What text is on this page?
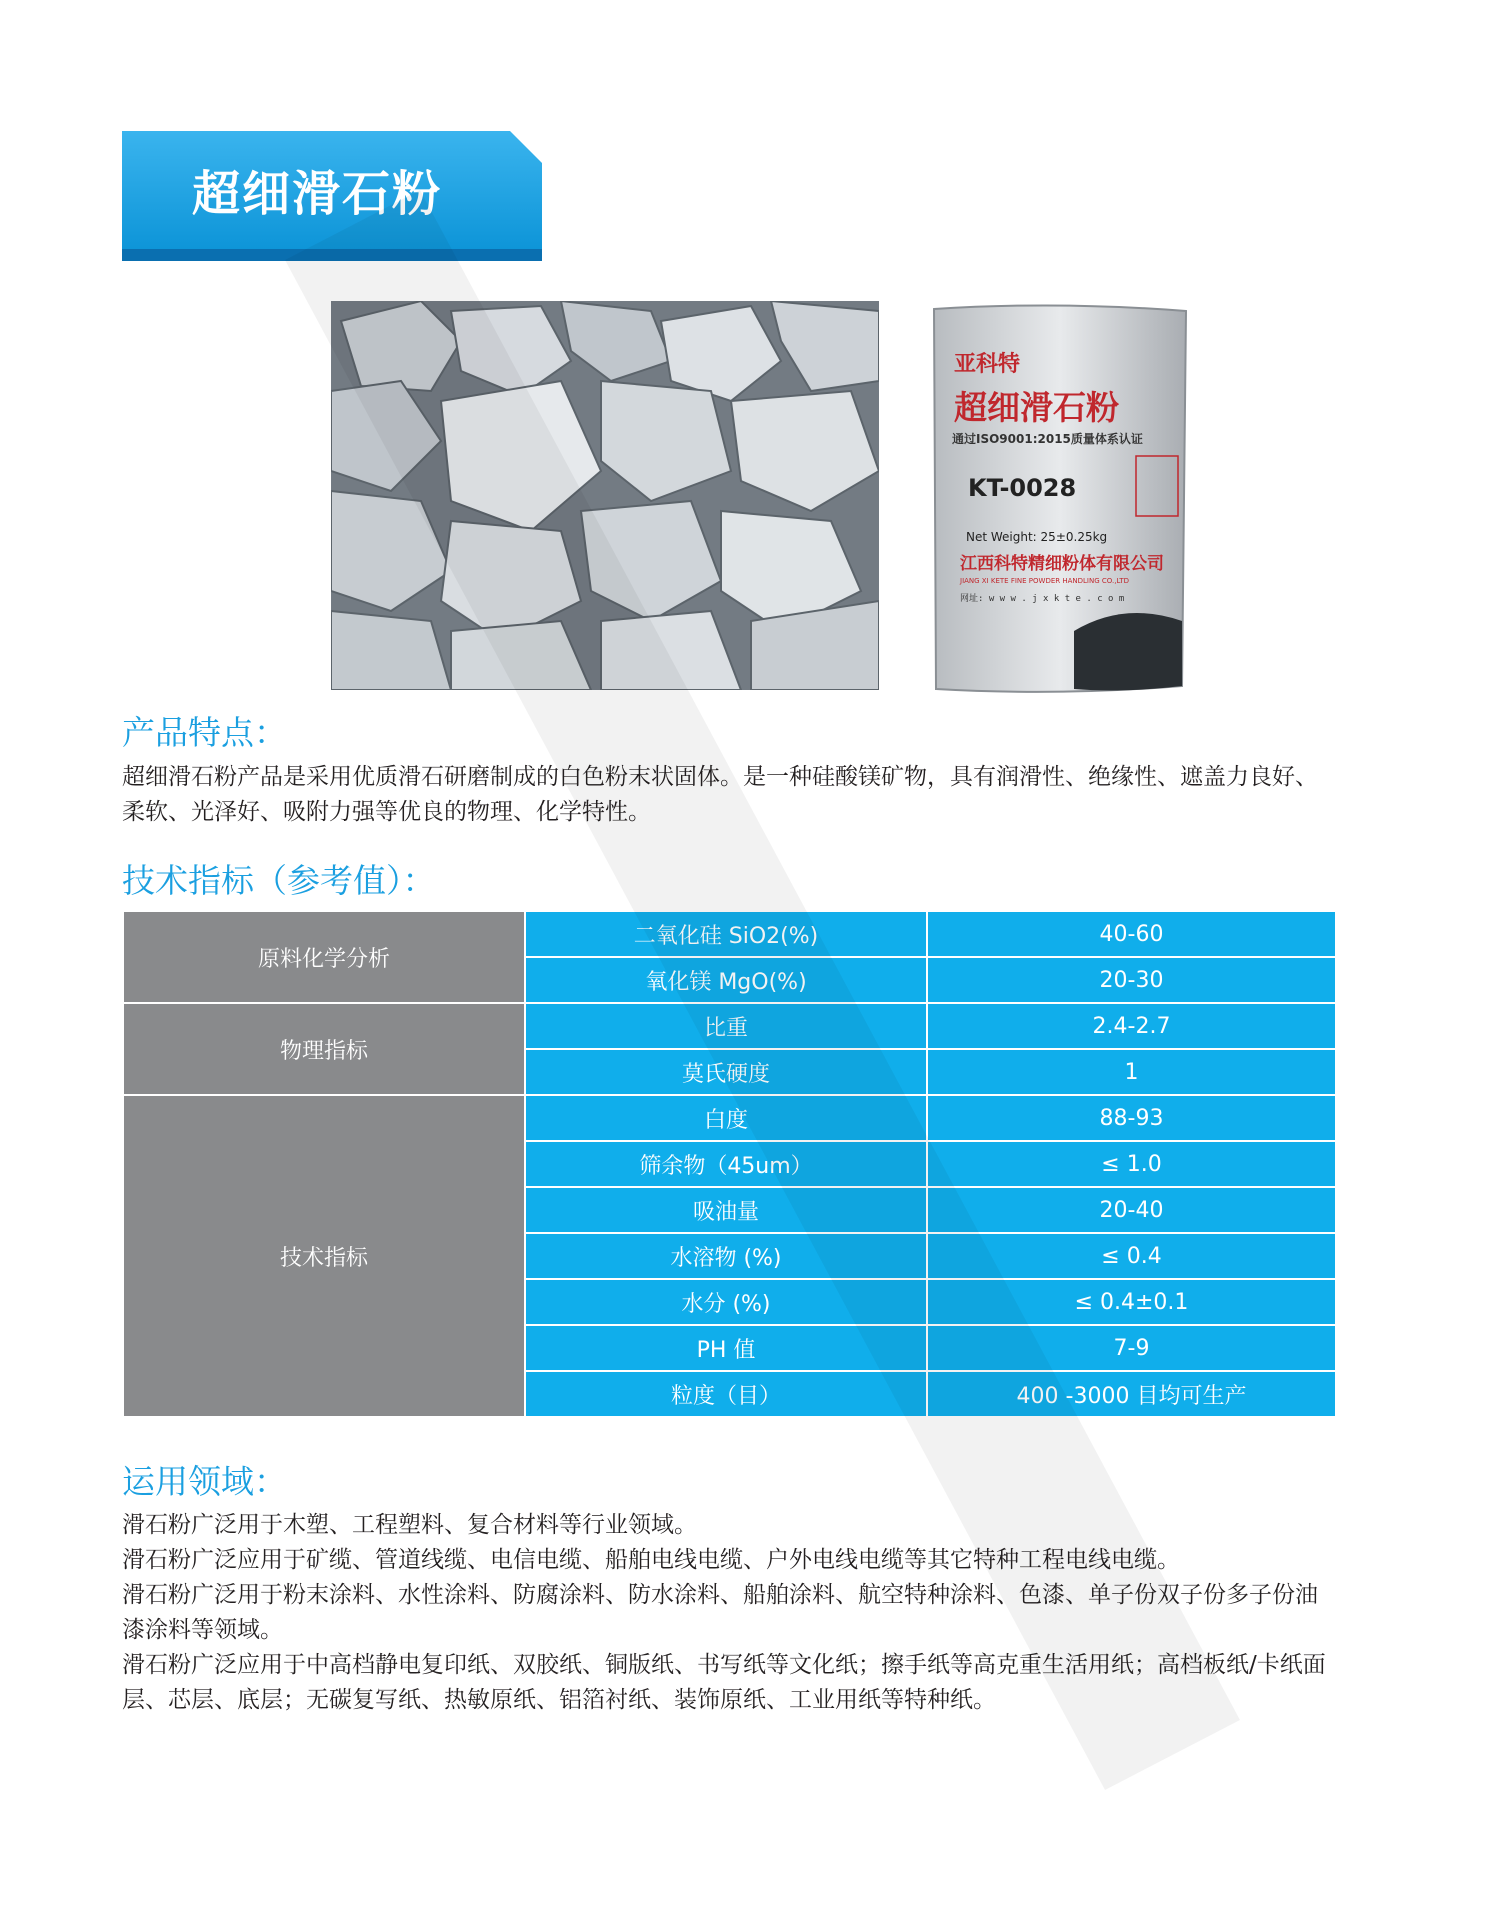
超细滑石粉
亚科特
超细滑石粉
通过ISO9001:2015质量体系认证
KT-0028
Net Weight: 25±0.25kg
江西科特精细粉体有限公司
JIANG XI KETE FINE POWDER HANDLING CO.,LTD
网址: w w w . j x k t e . c o m
产品特点：

超细滑石粉产品是采用优质滑石研磨制成的白色粉末状固体。是一种硅酸镁矿物，具有润滑性、绝缘性、遮盖力良好、柔软、光泽好、吸附力强等优良的物理、化学特性。

技术指标（参考值）：
原料化学分析	二氧化硅 SiO2(%)	40-60
	氧化镁 MgO(%)	20-30
物理指标	比重	2.4-2.7
	莫氏硬度	1
技术指标	白度	88-93
	筛余物（45um）	≤ 1.0
	吸油量	20-40
	水溶物 (%)	≤ 0.4
	水分 (%)	≤ 0.4±0.1
	PH 值	7-9
	粒度（目）	400 -3000 目均可生产
运用领域：

滑石粉广泛用于木塑、工程塑料、复合材料等行业领域。

滑石粉广泛应用于矿缆、管道线缆、电信电缆、船舶电线电缆、户外电线电缆等其它特种工程电线电缆。

滑石粉广泛用于粉末涂料、水性涂料、防腐涂料、防水涂料、船舶涂料、航空特种涂料、色漆、单子份双子份多子份油漆涂料等领域。

滑石粉广泛应用于中高档静电复印纸、双胶纸、铜版纸、书写纸等文化纸；擦手纸等高克重生活用纸；高档板纸/卡纸面层、芯层、底层；无碳复写纸、热敏原纸、铝箔衬纸、装饰原纸、工业用纸等特种纸。
